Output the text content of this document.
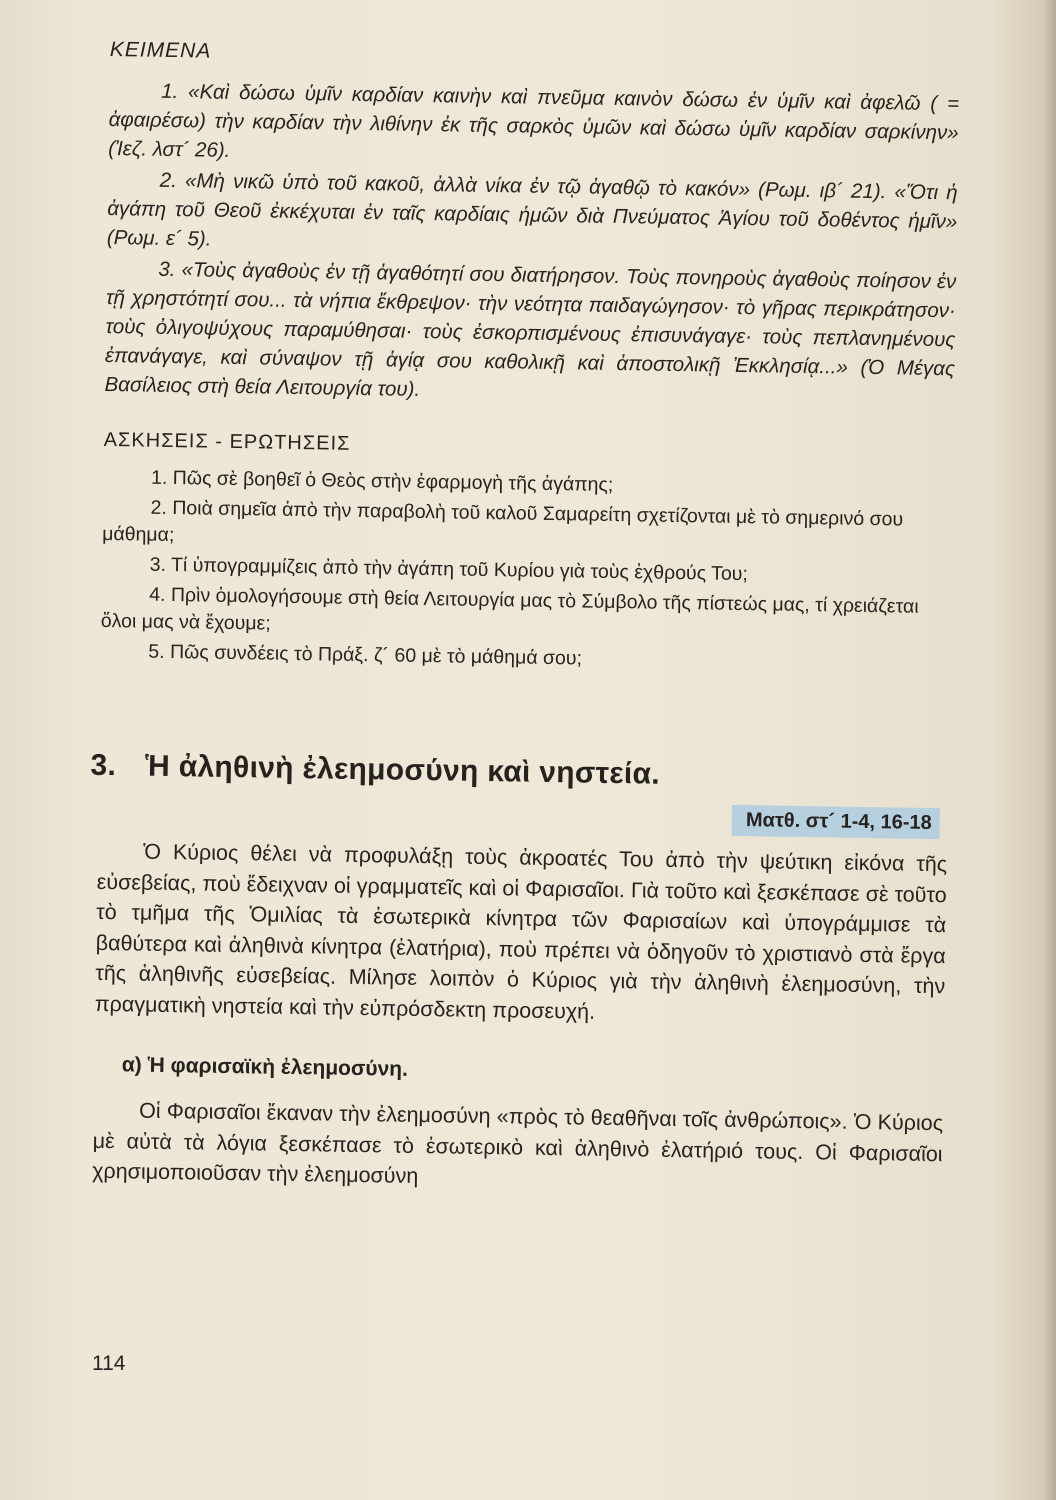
ΚΕΙΜΕΝΑ

1. «Καὶ δώσω ὑμῖν καρδίαν καινὴν καὶ πνεῦμα καινὸν δώσω ἐν ὑμῖν καὶ ἀφελῶ ( = ἀφαιρέσω) τὴν καρδίαν τὴν λιθίνην ἐκ τῆς σαρκὸς ὑμῶν καὶ δώσω ὑμῖν καρδίαν σαρκίνην» (Ἰεζ. λστ´ 26).

2. «Μὴ νικῶ ὑπὸ τοῦ κακοῦ, ἀλλὰ νίκα ἐν τῷ ἀγαθῷ τὸ κακόν» (Ρωμ. ιβ´ 21). «Ὅτι ἡ ἀγάπη τοῦ Θεοῦ ἐκκέχυται ἐν ταῖς καρδίαις ἡμῶν διὰ Πνεύματος Ἁγίου τοῦ δοθέντος ἡμῖν» (Ρωμ. ε´ 5).

3. «Τοὺς ἀγαθοὺς ἐν τῇ ἀγαθότητί σου διατήρησον. Τοὺς πονηροὺς ἀγαθοὺς ποίησον ἐν τῇ χρηστότητί σου... τὰ νήπια ἔκθρεψον· τὴν νεότητα παιδαγώγησον· τὸ γῆρας περικράτησον· τοὺς ὀλιγοψύχους παραμύθησαι· τοὺς ἐσκορπισμένους ἐπισυνάγαγε· τοὺς πεπλανημένους ἐπανάγαγε, καὶ σύναψον τῇ ἁγίᾳ σου καθολικῇ καὶ ἀποστολικῇ Ἐκκλησίᾳ...» (Ὁ Μέγας Βασίλειος στὴ θεία Λειτουργία του).

ΑΣΚΗΣΕΙΣ - ΕΡΩΤΗΣΕΙΣ

1. Πῶς σὲ βοηθεῖ ὁ Θεὸς στὴν ἐφαρμογὴ τῆς ἀγάπης;

2. Ποιὰ σημεῖα ἀπὸ τὴν παραβολὴ τοῦ καλοῦ Σαμαρείτη σχετίζονται μὲ τὸ σημερινό σου μάθημα;

3. Τί ὑπογραμμίζεις ἀπὸ τὴν ἀγάπη τοῦ Κυρίου γιὰ τοὺς ἐχθρούς Του;

4. Πρὶν ὁμολογήσουμε στὴ θεία Λειτουργία μας τὸ Σύμβολο τῆς πίστεώς μας, τί χρειάζεται ὅλοι μας νὰ ἔχουμε;

5. Πῶς συνδέεις τὸ Πράξ. ζ´ 60 μὲ τὸ μάθημά σου;

3. Ἡ ἀληθινὴ ἐλεημοσύνη καὶ νηστεία.
Ματθ. στ´ 1-4, 16-18

Ὁ Κύριος θέλει νὰ προφυλάξῃ τοὺς ἀκροατές Του ἀπὸ τὴν ψεύτικη εἰκόνα τῆς εὐσεβείας, ποὺ ἔδειχναν οἱ γραμματεῖς καὶ οἱ Φαρισαῖοι. Γιὰ τοῦτο καὶ ξεσκέπασε σὲ τοῦτο τὸ τμῆμα τῆς Ὁμιλίας τὰ ἐσωτερικὰ κίνητρα τῶν Φαρισαίων καὶ ὑπογράμμισε τὰ βαθύτερα καὶ ἀληθινὰ κίνητρα (ἐλατήρια), ποὺ πρέπει νὰ ὁδηγοῦν τὸ χριστιανὸ στὰ ἔργα τῆς ἀληθινῆς εὐσεβείας. Μίλησε λοιπὸν ὁ Κύριος γιὰ τὴν ἀληθινὴ ἐλεημοσύνη, τὴν πραγματικὴ νηστεία καὶ τὴν εὐπρόσδεκτη προσευχή.

α) Ἡ φαρισαϊκὴ ἐλεημοσύνη.

Οἱ Φαρισαῖοι ἔκαναν τὴν ἐλεημοσύνη «πρὸς τὸ θεαθῆναι τοῖς ἀνθρώποις». Ὁ Κύριος μὲ αὐτὰ τὰ λόγια ξεσκέπασε τὸ ἐσωτερικὸ καὶ ἀληθινὸ ἐλατήριό τους. Οἱ Φαρισαῖοι χρησιμοποιοῦσαν τὴν ἐλεημοσύνη

114
